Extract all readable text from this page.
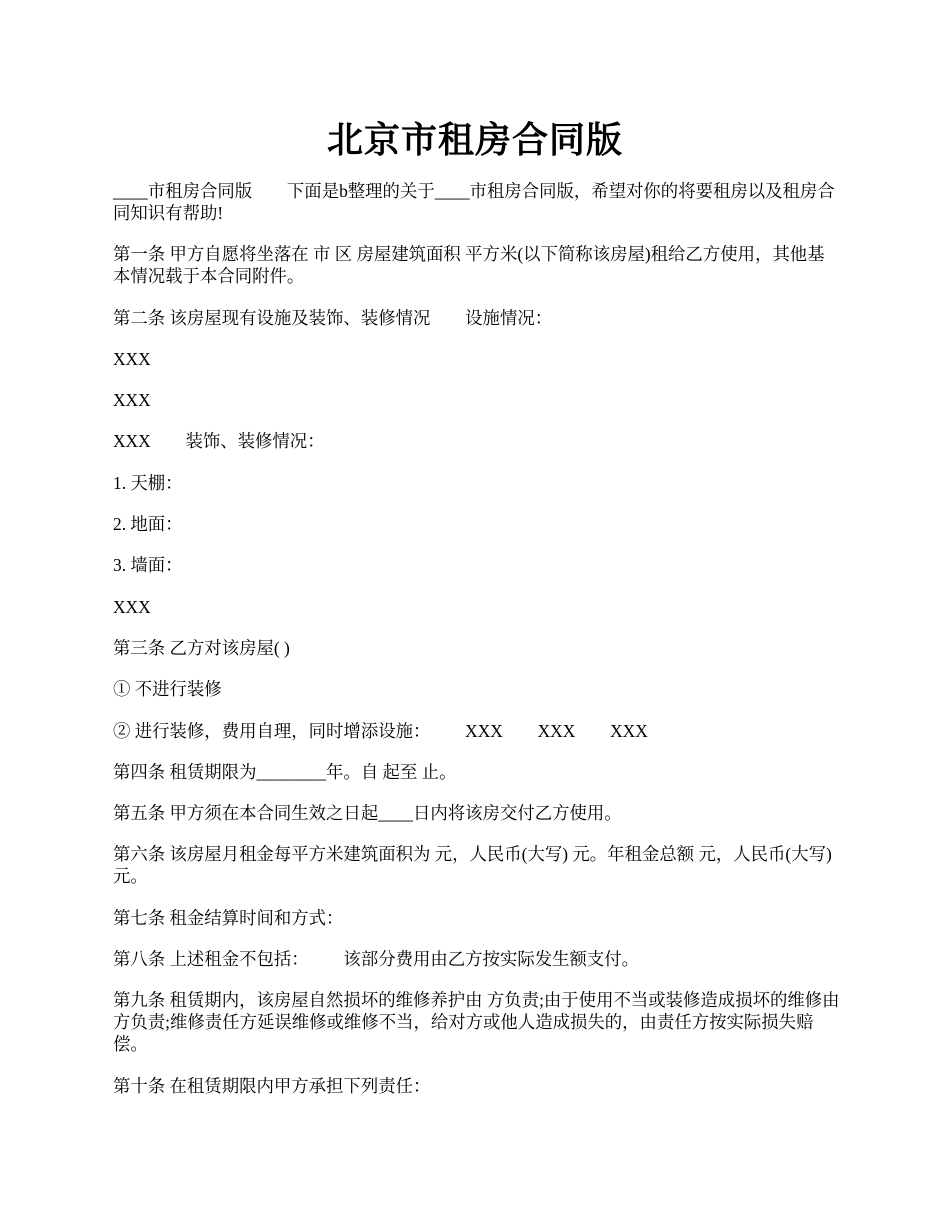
北京市租房合同版

____市租房合同版        下面是b整理的关于____市租房合同版，希望对你的将要租房以及租房合同知识有帮助!

第一条 甲方自愿将坐落在 市 区 房屋建筑面积 平方米(以下简称该房屋)租给乙方使用，其他基本情况载于本合同附件。

第二条 该房屋现有设施及装饰、装修情况        设施情况：

XXX

XXX

XXX        装饰、装修情况：

1. 天棚：

2. 地面：

3. 墙面：

XXX

第三条 乙方对该房屋( )

① 不进行装修

② 进行装修，费用自理，同时增添设施：        XXX        XXX        XXX

第四条 租赁期限为________年。自 起至 止。

第五条 甲方须在本合同生效之日起____日内将该房交付乙方使用。

第六条 该房屋月租金每平方米建筑面积为 元，人民币(大写) 元。年租金总额 元，人民币(大写) 元。

第七条 租金结算时间和方式：

第八条 上述租金不包括：        该部分费用由乙方按实际发生额支付。

第九条 租赁期内，该房屋自然损坏的维修养护由 方负责;由于使用不当或装修造成损坏的维修由 方负责;维修责任方延误维修或维修不当，给对方或他人造成损失的，由责任方按实际损失赔偿。

第十条 在租赁期限内甲方承担下列责任：
